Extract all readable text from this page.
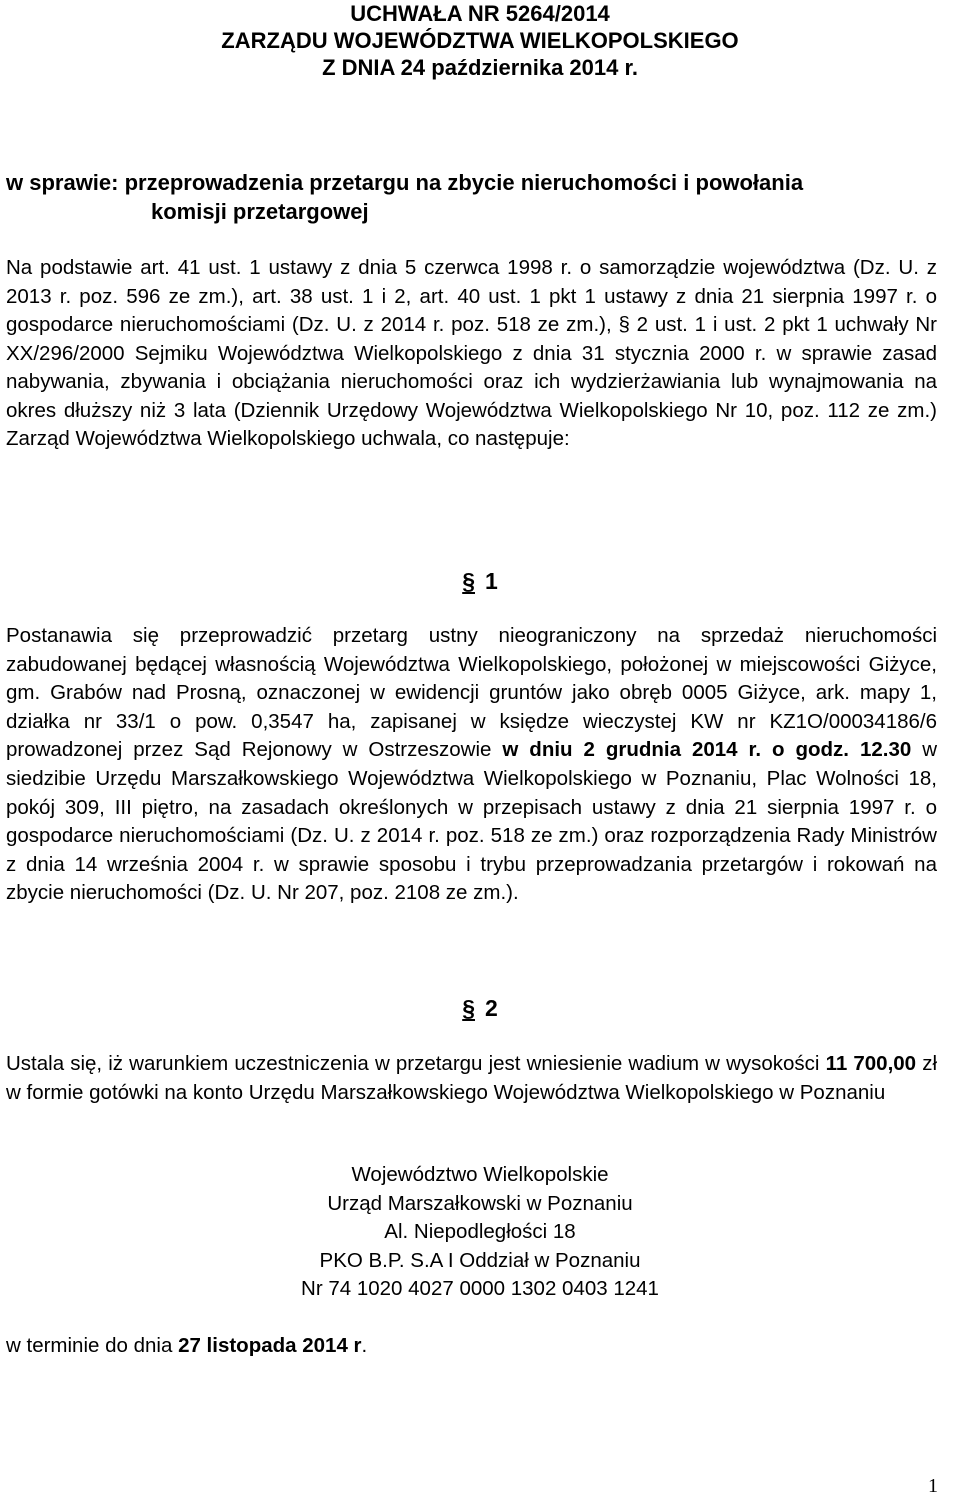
UCHWAŁA NR 5264/2014
ZARZĄDU WOJEWÓDZTWA WIELKOPOLSKIEGO
Z DNIA 24 października 2014 r.
w sprawie: przeprowadzenia przetargu na zbycie nieruchomości i powołania
komisji przetargowej
Na podstawie art. 41 ust. 1 ustawy z dnia 5 czerwca 1998 r. o samorządzie województwa (Dz. U. z 2013 r. poz. 596 ze zm.), art. 38 ust. 1 i 2, art. 40 ust. 1 pkt 1 ustawy z dnia 21 sierpnia 1997 r. o gospodarce nieruchomościami (Dz. U. z 2014 r. poz. 518 ze zm.), § 2 ust. 1 i ust. 2 pkt 1 uchwały Nr XX/296/2000 Sejmiku Województwa Wielkopolskiego z dnia 31 stycznia 2000 r. w sprawie zasad nabywania, zbywania i obciążania nieruchomości oraz ich wydzierżawiania lub wynajmowania na okres dłuższy niż 3 lata (Dziennik Urzędowy Województwa Wielkopolskiego Nr 10, poz. 112 ze zm.) Zarząd Województwa Wielkopolskiego uchwala, co następuje:
§ 1
Postanawia się przeprowadzić przetarg ustny nieograniczony na sprzedaż nieruchomości zabudowanej będącej własnością Województwa Wielkopolskiego, położonej w miejscowości Giżyce, gm. Grabów nad Prosną, oznaczonej w ewidencji gruntów jako obręb 0005 Giżyce, ark. mapy 1, działka nr 33/1 o pow. 0,3547 ha, zapisanej w księdze wieczystej KW nr KZ1O/00034186/6 prowadzonej przez Sąd Rejonowy w Ostrzeszowie w dniu 2 grudnia 2014 r. o godz. 12.30 w siedzibie Urzędu Marszałkowskiego Województwa Wielkopolskiego w Poznaniu, Plac Wolności 18, pokój 309, III piętro, na zasadach określonych w przepisach ustawy z dnia 21 sierpnia 1997 r. o gospodarce nieruchomościami (Dz. U. z 2014 r. poz. 518 ze zm.) oraz rozporządzenia Rady Ministrów z dnia 14 września 2004 r. w sprawie sposobu i trybu przeprowadzania przetargów i rokowań na zbycie nieruchomości (Dz. U. Nr 207, poz. 2108 ze zm.).
§ 2
Ustala się, iż warunkiem uczestniczenia w przetargu jest wniesienie wadium w wysokości 11 700,00 zł w formie gotówki na konto Urzędu Marszałkowskiego Województwa Wielkopolskiego w Poznaniu
Województwo Wielkopolskie
Urząd Marszałkowski w Poznaniu
Al. Niepodległości 18
PKO B.P. S.A I Oddział w Poznaniu
Nr 74 1020 4027 0000 1302 0403 1241
w terminie do dnia 27 listopada 2014 r.
1
